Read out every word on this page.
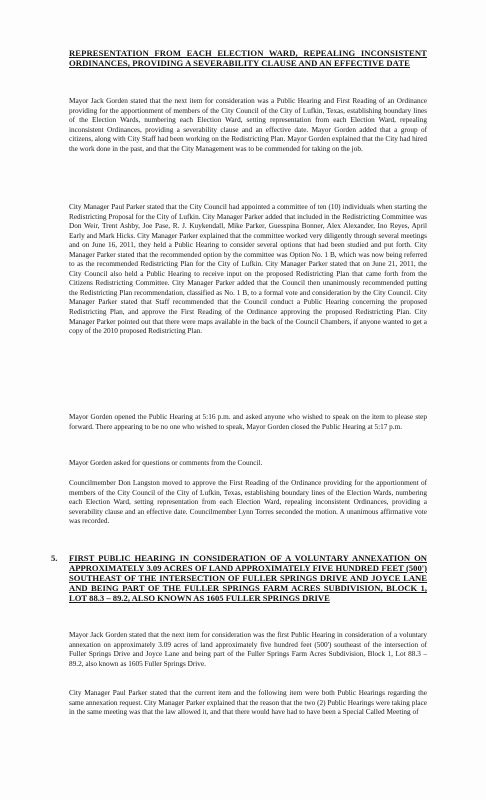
REPRESENTATION FROM EACH ELECTION WARD, REPEALING INCONSISTENT ORDINANCES, PROVIDING A SEVERABILITY CLAUSE AND AN EFFECTIVE DATE

Mayor Jack Gorden stated that the next item for consideration was a Public Hearing and First Reading of an Ordinance providing for the apportionment of members of the City Council of the City of Lufkin, Texas, establishing boundary lines of the Election Wards, numbering each Election Ward, setting representation from each Election Ward, repealing inconsistent Ordinances, providing a severability clause and an effective date. Mayor Gorden added that a group of citizens, along with City Staff had been working on the Redistricting Plan. Mayor Gorden explained that the City had hired the work done in the past, and that the City Management was to be commended for taking on the job.

City Manager Paul Parker stated that the City Council had appointed a committee of ten (10) individuals when starting the Redistricting Proposal for the City of Lufkin. City Manager Parker added that included in the Redistricting Committee was Don Weir, Trent Ashby, Joe Pase, R. J. Kuykendall, Mike Parker, Guesspina Bonner, Alex Alexander, Ino Reyes, April Early and Mark Hicks. City Manager Parker explained that the committee worked very diligently through several meetings and on June 16, 2011, they held a Public Hearing to consider several options that had been studied and put forth. City Manager Parker stated that the recommended option by the committee was Option No. 1 B, which was now being referred to as the recommended Redistricting Plan for the City of Lufkin. City Manager Parker stated that on June 21, 2011, the City Council also held a Public Hearing to receive input on the proposed Redistricting Plan that came forth from the Citizens Redistricting Committee. City Manager Parker added that the Council then unanimously recommended putting the Redistricting Plan recommendation, classified as No. 1 B, to a formal vote and consideration by the City Council. City Manager Parker stated that Staff recommended that the Council conduct a Public Hearing concerning the proposed Redistricting Plan, and approve the First Reading of the Ordinance approving the proposed Redistricting Plan. City Manager Parker pointed out that there were maps available in the back of the Council Chambers, if anyone wanted to get a copy of the 2010 proposed Redistricting Plan.

Mayor Gorden opened the Public Hearing at 5:16 p.m. and asked anyone who wished to speak on the item to please step forward. There appearing to be no one who wished to speak, Mayor Gorden closed the Public Hearing at 5:17 p.m.

Mayor Gorden asked for questions or comments from the Council.

Councilmember Don Langston moved to approve the First Reading of the Ordinance providing for the apportionment of members of the City Council of the City of Lufkin, Texas, establishing boundary lines of the Election Wards, numbering each Election Ward, setting representation from each Election Ward, repealing inconsistent Ordinances, providing a severability clause and an effective date. Councilmember Lynn Torres seconded the motion. A unanimous affirmative vote was recorded.

5. FIRST PUBLIC HEARING IN CONSIDERATION OF A VOLUNTARY ANNEXATION ON APPROXIMATELY 3.09 ACRES OF LAND APPROXIMATELY FIVE HUNDRED FEET (500') SOUTHEAST OF THE INTERSECTION OF FULLER SPRINGS DRIVE AND JOYCE LANE AND BEING PART OF THE FULLER SPRINGS FARM ACRES SUBDIVISION, BLOCK 1, LOT 88.3 – 89.2, ALSO KNOWN AS 1605 FULLER SPRINGS DRIVE

Mayor Jack Gorden stated that the next item for consideration was the first Public Hearing in consideration of a voluntary annexation on approximately 3.09 acres of land approximately five hundred feet (500') southeast of the intersection of Fuller Springs Drive and Joyce Lane and being part of the Fuller Springs Farm Acres Subdivision, Block 1, Lot 88.3 – 89.2, also known as 1605 Fuller Springs Drive.

City Manager Paul Parker stated that the current item and the following item were both Public Hearings regarding the same annexation request. City Manager Parker explained that the reason that the two (2) Public Hearings were taking place in the same meeting was that the law allowed it, and that there would have had to have been a Special Called Meeting of
